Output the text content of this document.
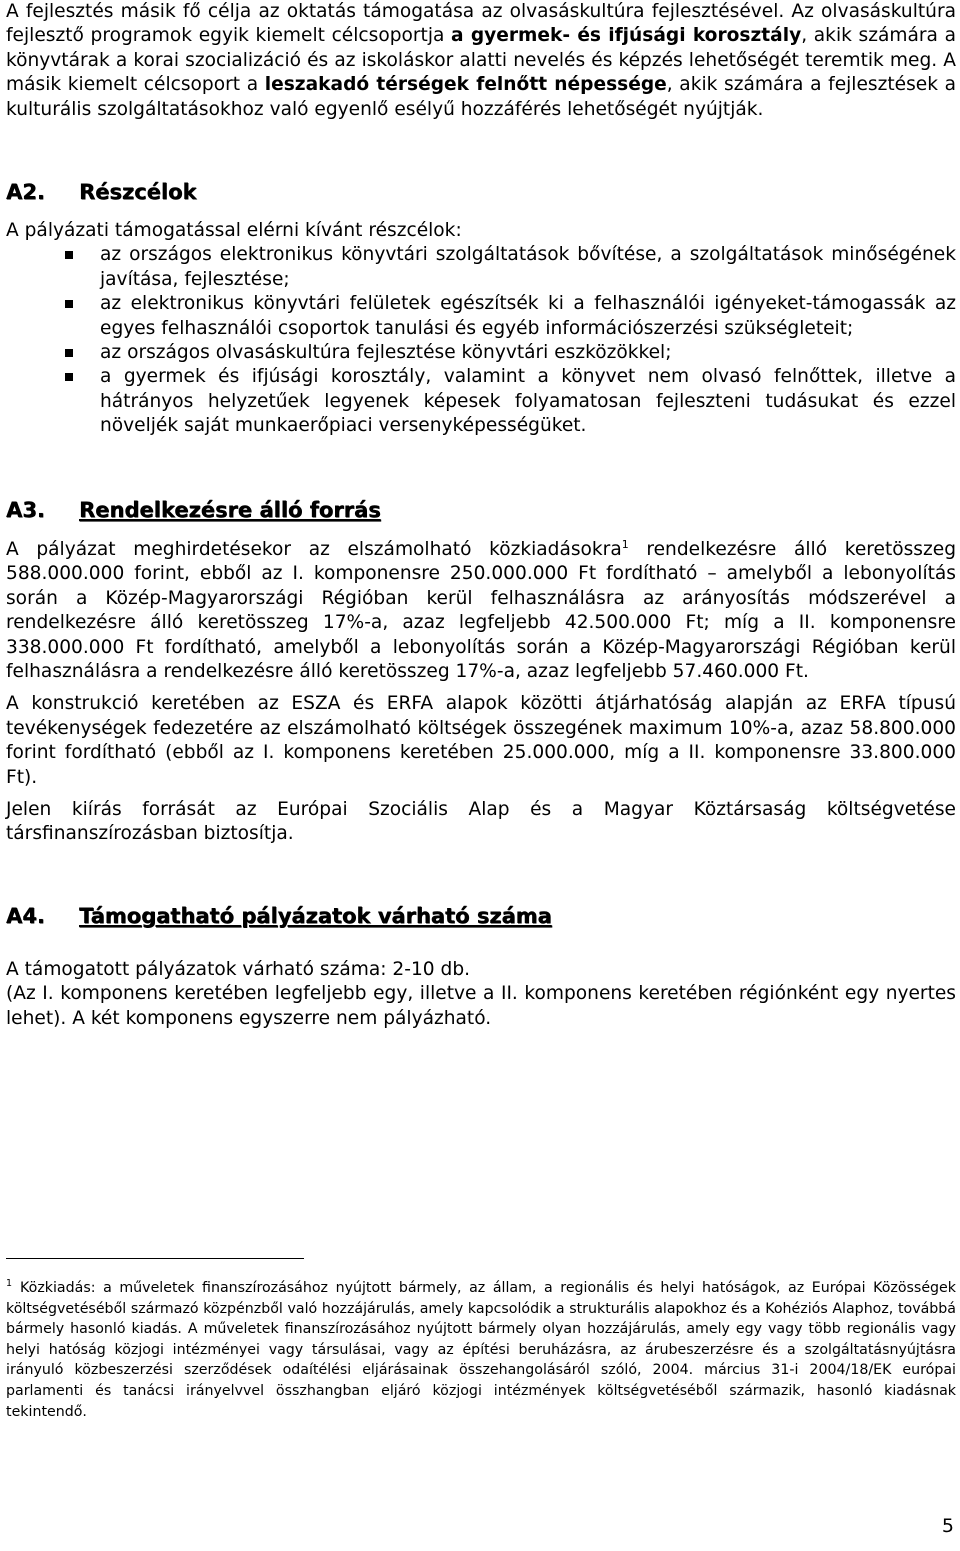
A fejlesztés másik fő célja az oktatás támogatása az olvasáskultúra fejlesztésével. Az olvasáskultúra fejlesztő programok egyik kiemelt célcsoportja a gyermek- és ifjúsági korosztály, akik számára a könyvtárak a korai szocializáció és az iskoláskor alatti nevelés és képzés lehetőségét teremtik meg. A másik kiemelt célcsoport a leszakadó térségek felnőtt népessége, akik számára a fejlesztések a kulturális szolgáltatásokhoz való egyenlő esélyű hozzáférés lehetőségét nyújtják.

A2. Részcélok

A pályázati támogatással elérni kívánt részcélok:

az országos elektronikus könyvtári szolgáltatások bővítése, a szolgáltatások minőségének javítása, fejlesztése;
az elektronikus könyvtári felületek egészítsék ki a felhasználói igényeket-támogassák az egyes felhasználói csoportok tanulási és egyéb információszerzési szükségleteit;
az országos olvasáskultúra fejlesztése könyvtári eszközökkel;
a gyermek és ifjúsági korosztály, valamint a könyvet nem olvasó felnőttek, illetve a hátrányos helyzetűek legyenek képesek folyamatosan fejleszteni tudásukat és ezzel növeljék saját munkaerőpiaci versenyképességüket.
A3. Rendelkezésre álló forrás

A pályázat meghirdetésekor az elszámolható közkiadásokra$^1$ rendelkezésre álló keretösszeg 588.000.000 forint, ebből az I. komponensre 250.000.000 Ft fordítható – amelyből a lebonyolítás során a Közép-Magyarországi Régióban kerül felhasználásra az arányosítás módszerével a rendelkezésre álló keretösszeg 17%-a, azaz legfeljebb 42.500.000 Ft; míg a II. komponensre 338.000.000 Ft fordítható, amelyből a lebonyolítás során a Közép-Magyarországi Régióban kerül felhasználásra a rendelkezésre álló keretösszeg 17%-a, azaz legfeljebb 57.460.000 Ft.

A konstrukció keretében az ESZA és ERFA alapok közötti átjárhatóság alapján az ERFA típusú tevékenységek fedezetére az elszámolható költségek összegének maximum 10%-a, azaz 58.800.000 forint fordítható (ebből az I. komponens keretében 25.000.000, míg a II. komponensre 33.800.000 Ft).

Jelen kiírás forrását az Európai Szociális Alap és a Magyar Köztársaság költségvetése társfinanszírozásban biztosítja.

A4. Támogatható pályázatok várható száma

A támogatott pályázatok várható száma: 2-10 db.

(Az I. komponens keretében legfeljebb egy, illetve a II. komponens keretében régiónként egy nyertes lehet). A két komponens egyszerre nem pályázható.

$^1$ Közkiadás: a műveletek finanszírozásához nyújtott bármely, az állam, a regionális és helyi hatóságok, az Európai Közösségek költségvetéséből származó közpénzből való hozzájárulás, amely kapcsolódik a strukturális alapokhoz és a Kohéziós Alaphoz, továbbá bármely hasonló kiadás. A műveletek finanszírozásához nyújtott bármely olyan hozzájárulás, amely egy vagy több regionális vagy helyi hatóság közjogi intézményei vagy társulásai, vagy az építési beruházásra, az árubeszerzésre és a szolgáltatásnyújtásra irányuló közbeszerzési szerződések odaítélési eljárásainak összehangolásáról szóló, 2004. március 31-i 2004/18/EK európai parlamenti és tanácsi irányelvvel összhangban eljáró közjogi intézmények költségvetéséből származik, hasonló kiadásnak tekintendő.

5
